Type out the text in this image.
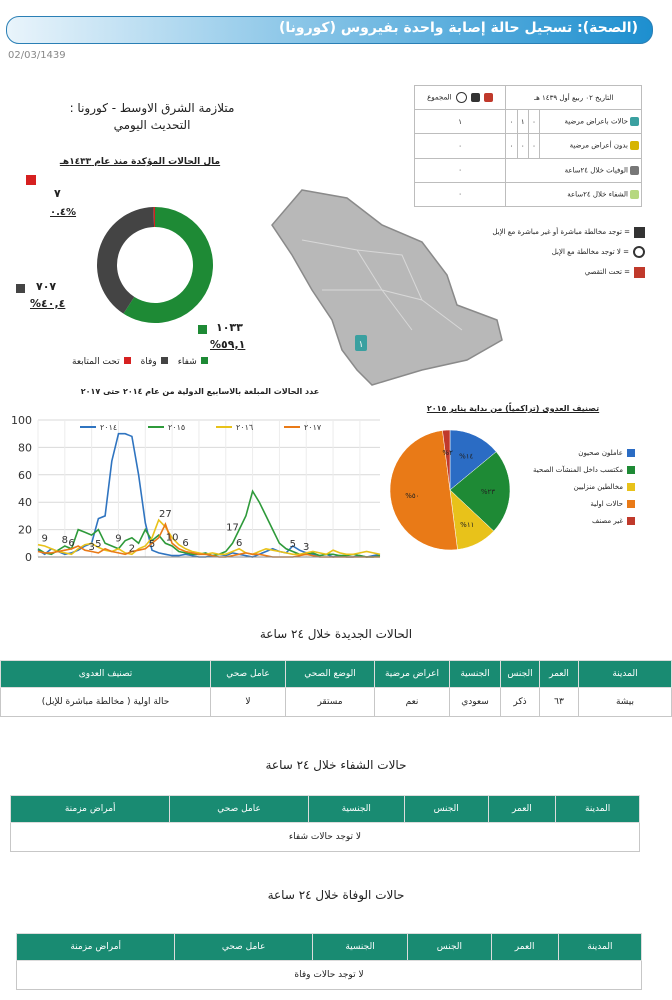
(الصحة): تسجيل حالة إصابة واحدة بفيروس (كورونا)
02/03/1439
متلازمة الشرق الاوسط - كورونا :
التحديث اليومي
مال الحالات المؤكدة منذ عام ١٤٣٣هـ
٧
٠.٤%
٧٠٧
%٤٠,٤
١٠٣٣
%٥٩,١
شفاء
وفاة
تحت المتابعة
١
التاريخ ٠٢ ربيع أول ١٤٣٩ هـ				المجموع
حالات باعراض مرضية	٠	١	٠	١
بدون أعراض مرضية	٠	٠	٠	٠
الوفيات خلال ٢٤ساعة				٠
الشفاء خلال ٢٤ساعة				٠
= توجد مخالطة مباشرة أو غير مباشرة مع الإبل
= لا توجد مخالطة مع الإبل
= تحت التقصي
عدد الحالات المبلغة بالاسابيع الدولية من عام ٢٠١٤ حتى ٢٠١٧
0
20
40
60
80
100
٢٠١٤	٢٠١٥	٢٠١٦	٢٠١٧
9 8
3
6 5 9
2 5
27
10 6
17
6	5 3
تصنيف العدوى (تراكمياً) من بداية يناير ٢٠١٥
%١٤
%٢٣
%١١
%٥٠
%٢	عاملون صحيون
مكتسب داخل المنشآت الصحية
مخالطين منزليين
حالات اولية
غير مصنف
الحالات الجديدة خلال ٢٤ ساعة
المدينة	العمر	الجنس	الجنسية	اعراض مرضية	الوضع الصحي	عامل صحي	تصنيف العدوى
بيشة	٦٣	ذكر	سعودي	نعم	مستقر	لا	حالة اولية ( مخالطة مباشرة للإبل)
حالات الشفاء خلال ٢٤ ساعة
المدينة	العمر	الجنس	الجنسية	عامل صحي	أمراض مزمنة
لا توجد حالات شفاء
حالات الوفاة خلال ٢٤ ساعة
المدينة	العمر	الجنس	الجنسية	عامل صحي	أمراض مزمنة
لا توجد حالات وفاة
